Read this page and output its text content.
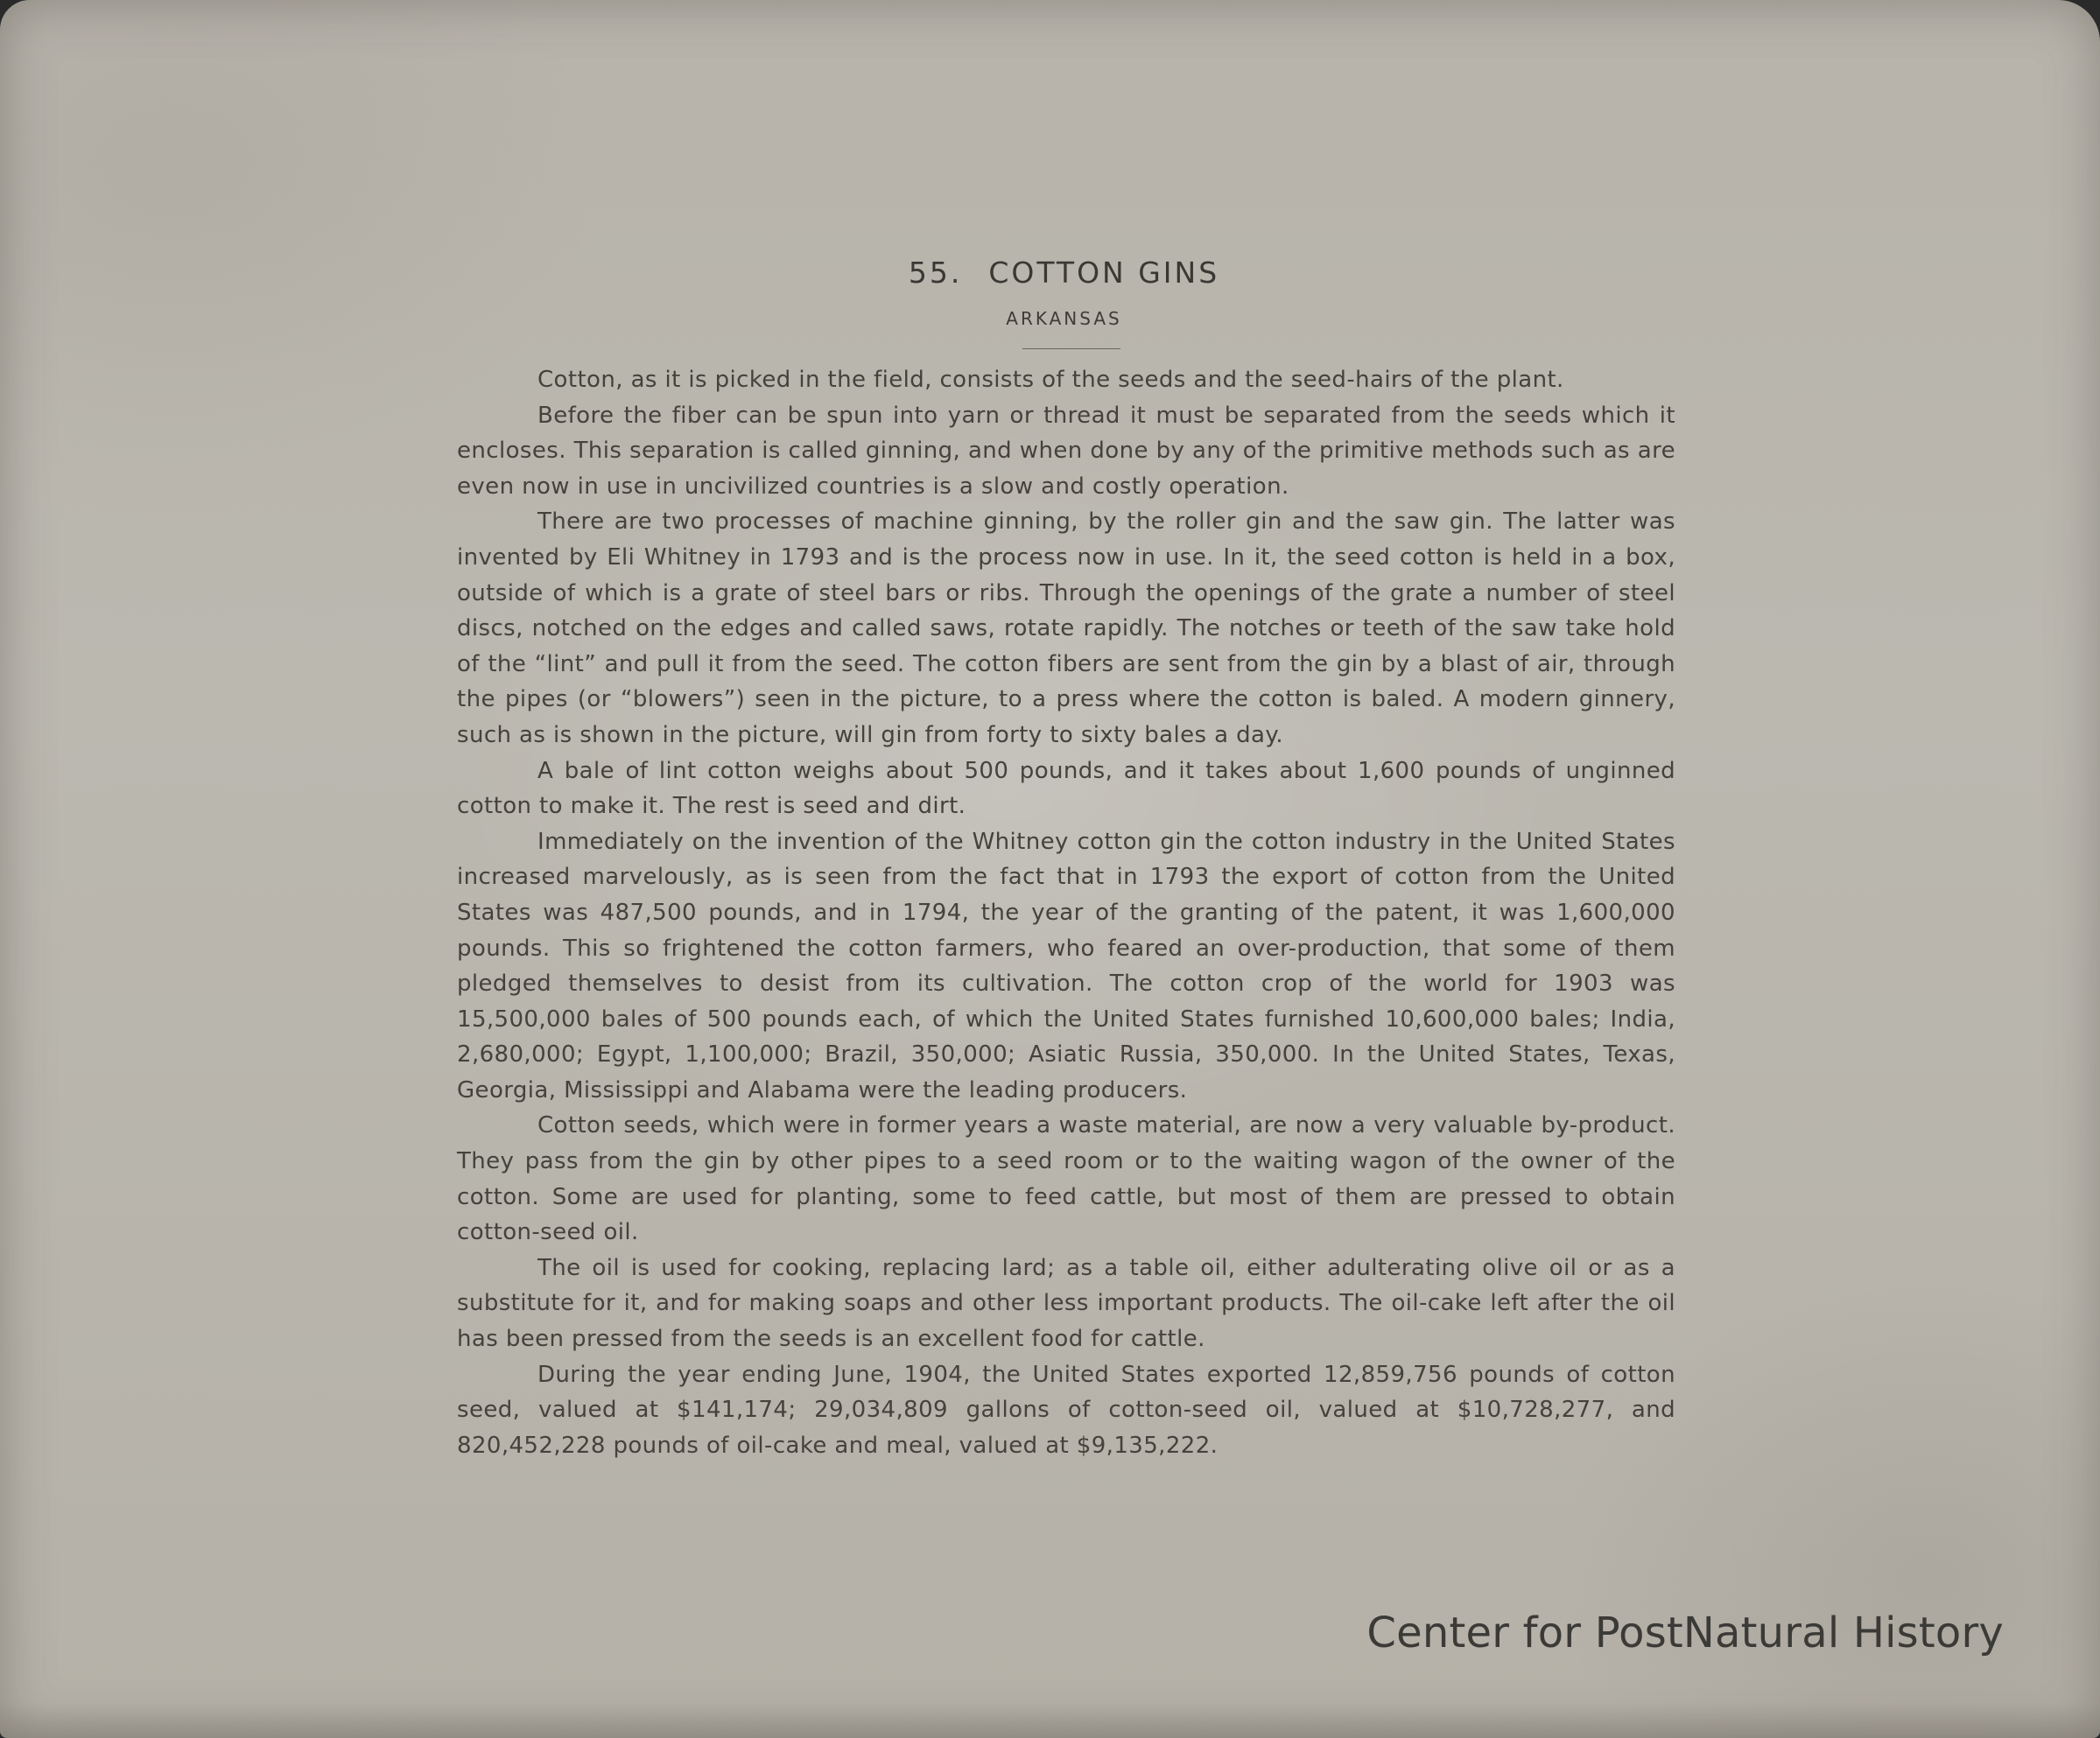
55. COTTON GINS
ARKANSAS

Cotton, as it is picked in the field, consists of the seeds and the seed-hairs of the plant.

Before the fiber can be spun into yarn or thread it must be separated from the seeds which it encloses. This separation is called ginning, and when done by any of the primitive methods such as are even now in use in uncivilized countries is a slow and costly operation.

There are two processes of machine ginning, by the roller gin and the saw gin. The latter was invented by Eli Whitney in 1793 and is the process now in use. In it, the seed cotton is held in a box, outside of which is a grate of steel bars or ribs. Through the openings of the grate a number of steel discs, notched on the edges and called saws, rotate rapidly. The notches or teeth of the saw take hold of the “lint” and pull it from the seed. The cotton fibers are sent from the gin by a blast of air, through the pipes (or “blowers”) seen in the picture, to a press where the cotton is baled. A modern ginnery, such as is shown in the picture, will gin from forty to sixty bales a day.

A bale of lint cotton weighs about 500 pounds, and it takes about 1,600 pounds of unginned cotton to make it. The rest is seed and dirt.

Immediately on the invention of the Whitney cotton gin the cotton industry in the United States increased marvelously, as is seen from the fact that in 1793 the export of cotton from the United States was 487,500 pounds, and in 1794, the year of the granting of the patent, it was 1,600,000 pounds. This so frightened the cotton farmers, who feared an over-production, that some of them pledged themselves to desist from its cultivation. The cotton crop of the world for 1903 was 15,500,000 bales of 500 pounds each, of which the United States furnished 10,600,000 bales; India, 2,680,000; Egypt, 1,100,000; Brazil, 350,000; Asiatic Russia, 350,000. In the United States, Texas, Georgia, Mississippi and Alabama were the leading producers.

Cotton seeds, which were in former years a waste material, are now a very valuable by-product. They pass from the gin by other pipes to a seed room or to the waiting wagon of the owner of the cotton. Some are used for planting, some to feed cattle, but most of them are pressed to obtain cotton-seed oil.

The oil is used for cooking, replacing lard; as a table oil, either adulterating olive oil or as a substitute for it, and for making soaps and other less important products. The oil-cake left after the oil has been pressed from the seeds is an excellent food for cattle.

During the year ending June, 1904, the United States exported 12,859,756 pounds of cotton seed, valued at $141,174; 29,034,809 gallons of cotton-seed oil, valued at $10,728,277, and 820,452,228 pounds of oil-cake and meal, valued at $9,135,222.

Center for PostNatural History
